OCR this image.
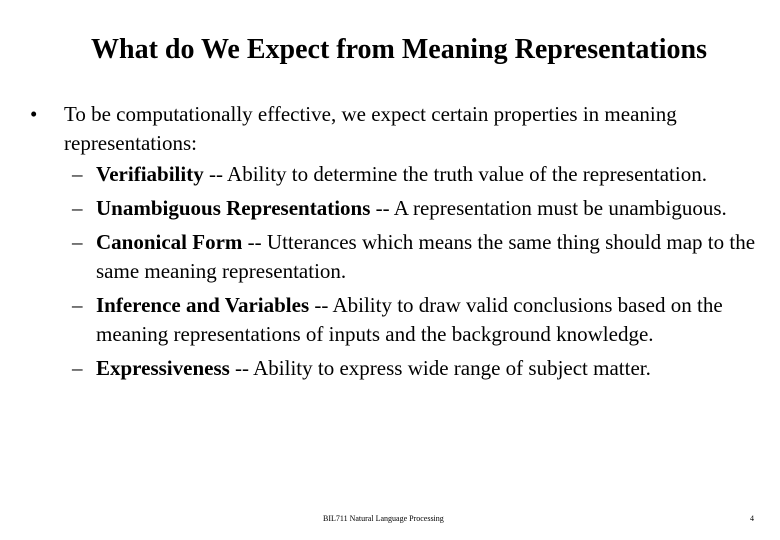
What do We Expect from Meaning Representations
• To be computationally effective, we expect certain properties in meaning representations:
– Verifiability -- Ability to determine the truth value of the representation.
– Unambiguous Representations -- A representation must be unambiguous.
– Canonical Form -- Utterances which means the same thing should map to the same meaning representation.
– Inference and Variables -- Ability to draw valid conclusions based on the meaning representations of inputs and the background knowledge.
– Expressiveness -- Ability to express wide range of subject matter.
BIL711 Natural Language Processing	4
